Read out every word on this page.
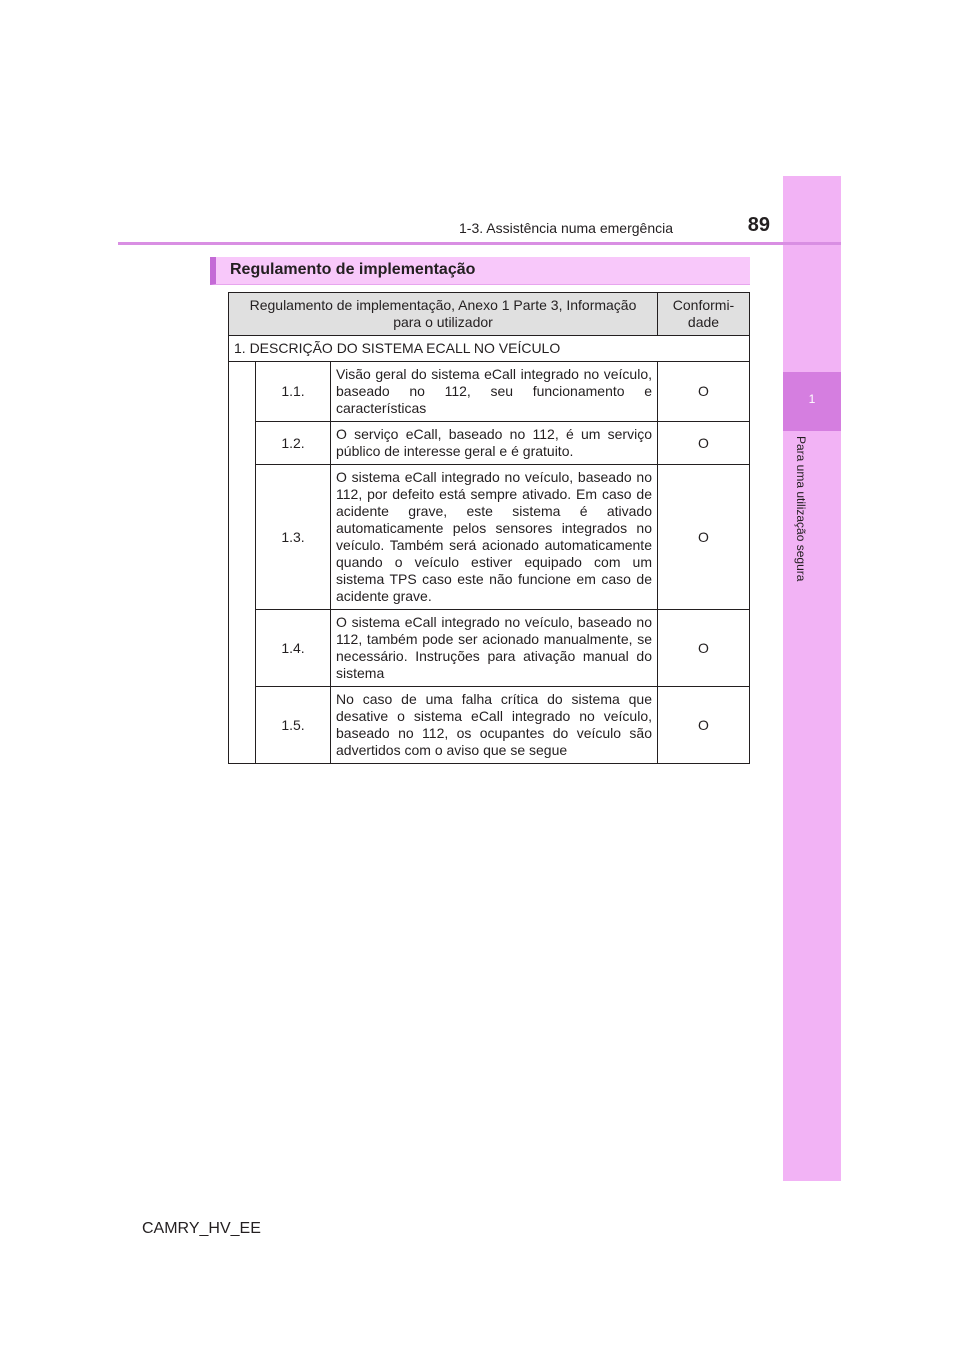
1
Para uma utilização segura
1-3. Assistência numa emergência	89
Regulamento de implementação
Regulamento de implementação, Anexo 1 Parte 3, Informação para o utilizador			Conformi-dade
1. DESCRIÇÃO DO SISTEMA ECALL NO VEÍCULO			
	1.1.	Visão geral do sistema eCall integrado no veículo, baseado no 112, seu funcionamento e características	O
	1.2.	O serviço eCall, baseado no 112, é um serviço público de interesse geral e é gratuito.	O
	1.3.	O sistema eCall integrado no veículo, baseado no 112, por defeito está sempre ativado. Em caso de acidente grave, este sistema é ativado automaticamente pelos sensores integrados no veículo. Também será acionado automaticamente quando o veículo estiver equipado com um sistema TPS caso este não funcione em caso de acidente grave.	O
	1.4.	O sistema eCall integrado no veículo, baseado no 112, também pode ser acionado manualmente, se necessário. Instruções para ativação manual do sistema	O
	1.5.	No caso de uma falha crítica do sistema que desative o sistema eCall integrado no veículo, baseado no 112, os ocupantes do veículo são advertidos com o aviso que se segue	O
CAMRY_HV_EE
